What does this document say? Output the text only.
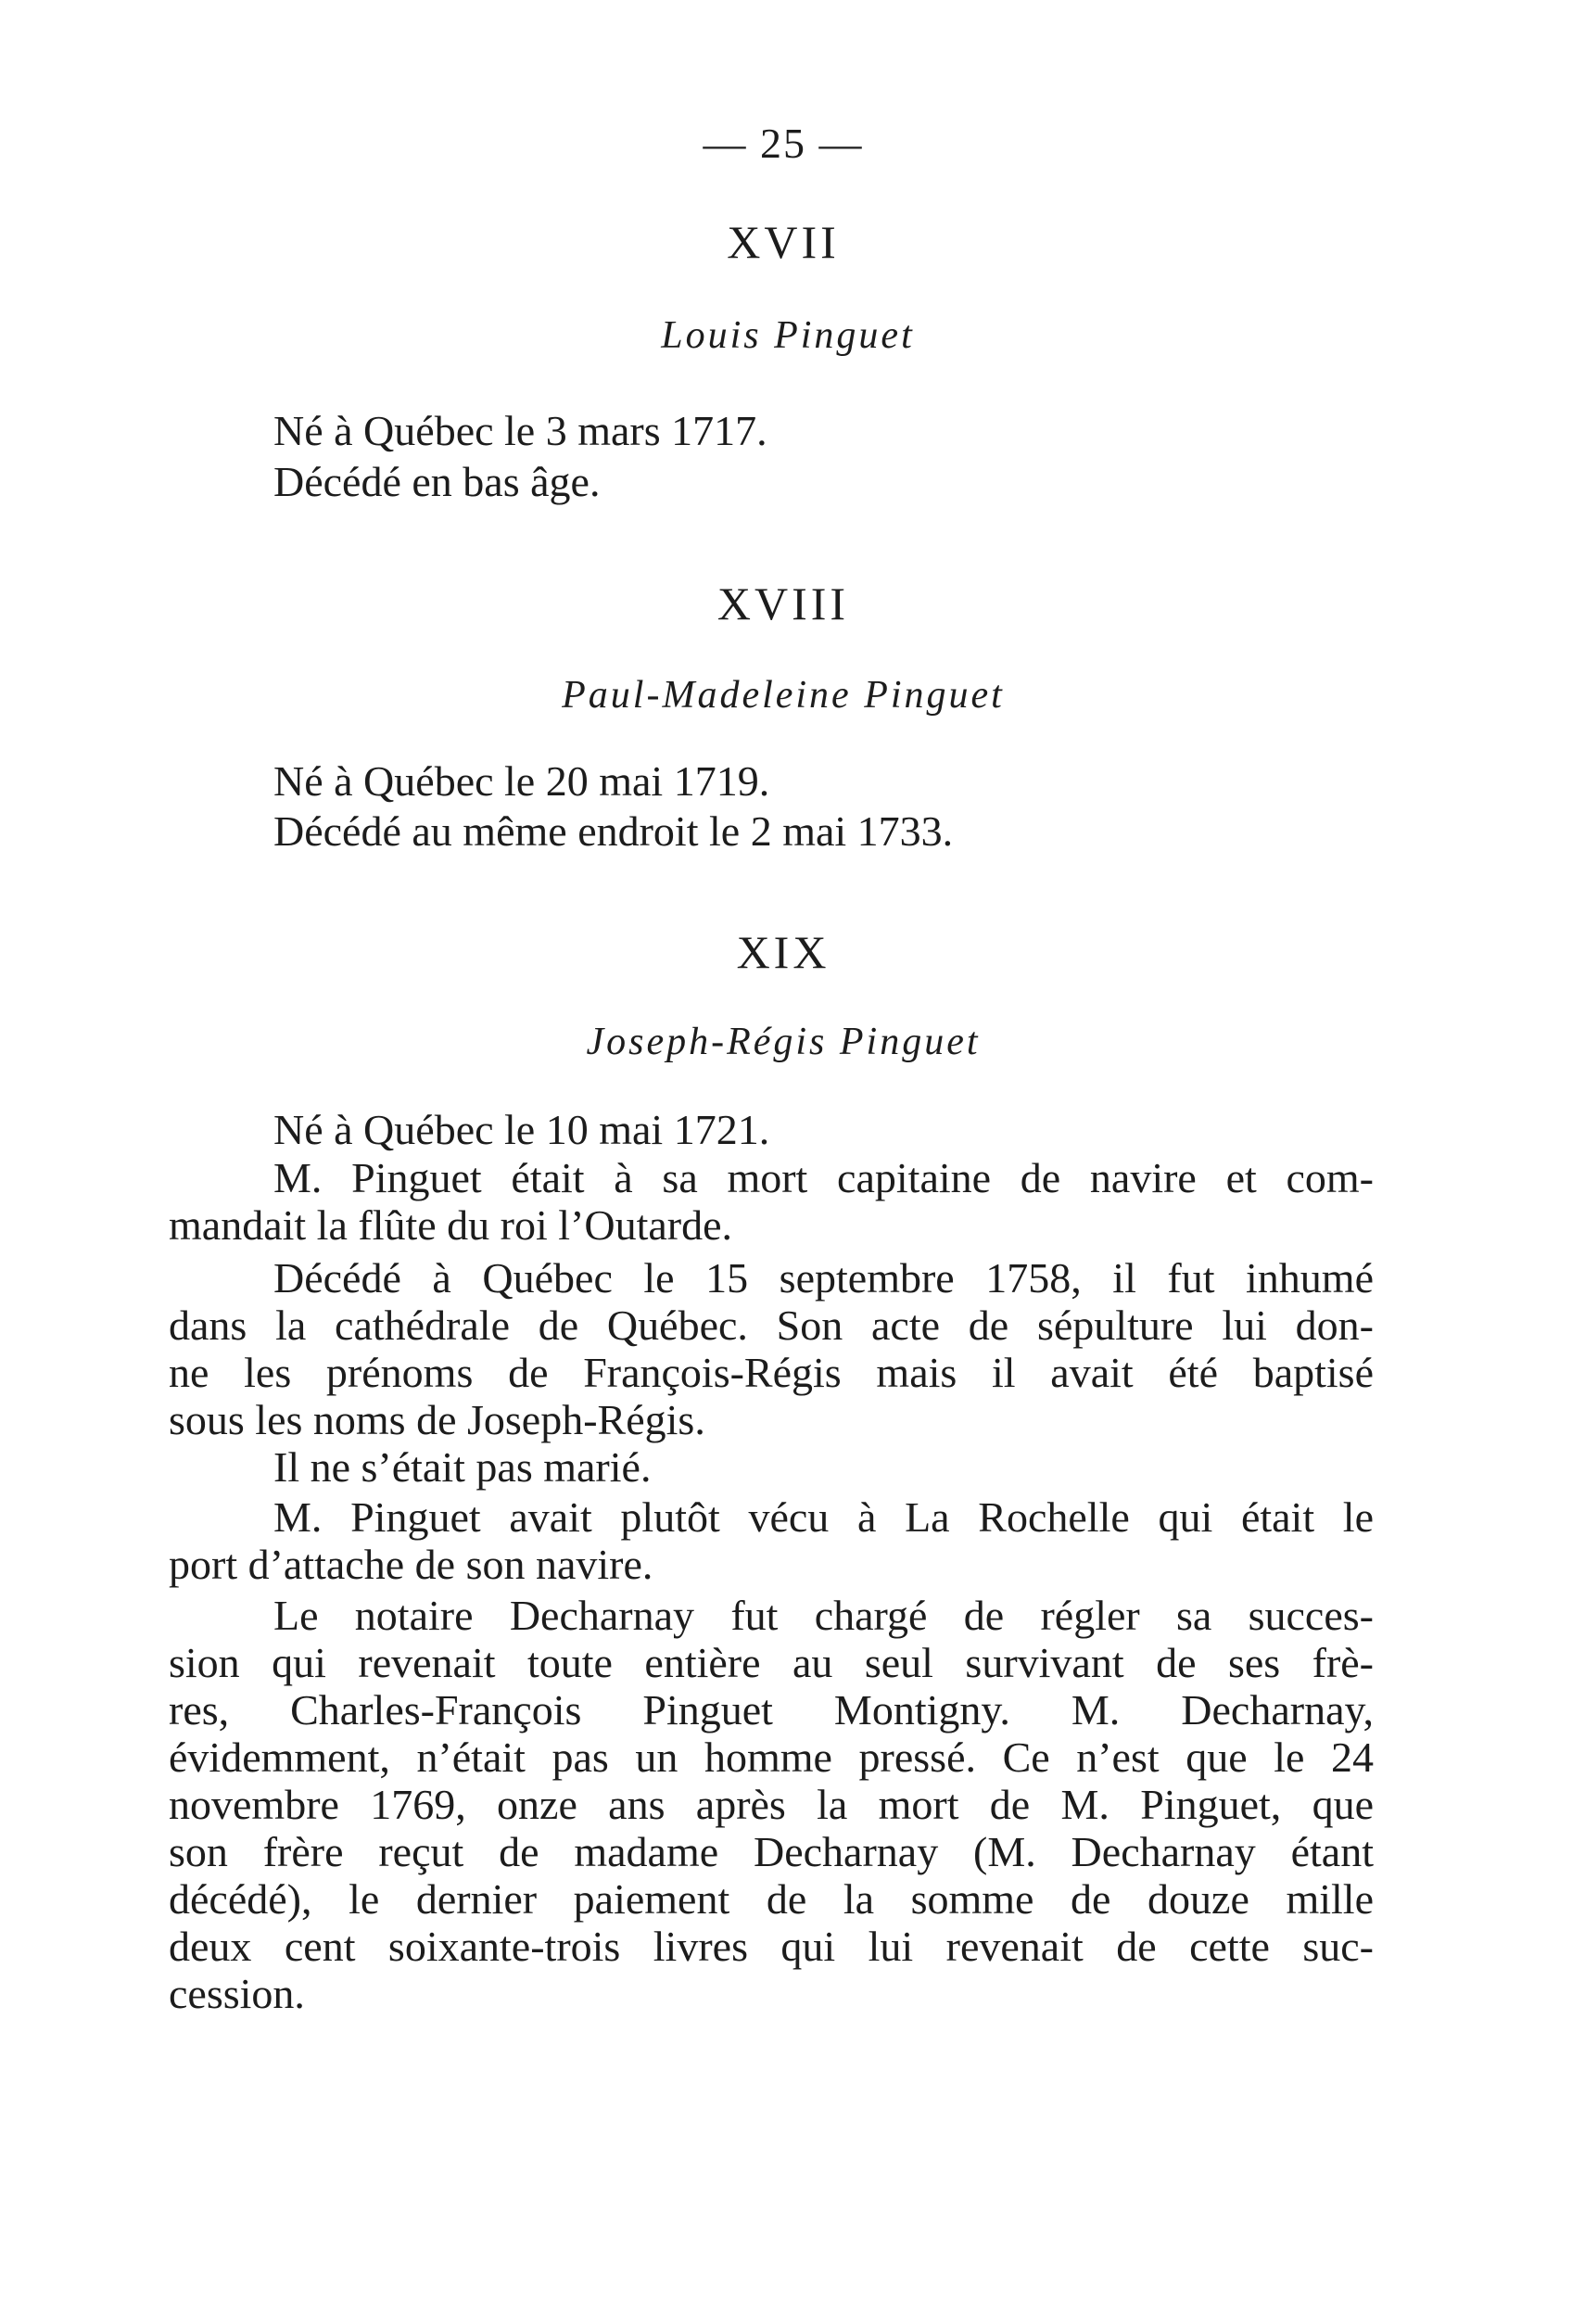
— 25 —
XVII
Louis Pinguet
Né à Québec le 3 mars 1717.
Décédé en bas âge.
XVIII
Paul-Madeleine Pinguet
Né à Québec le 20 mai 1719.
Décédé au même endroit le 2 mai 1733.
XIX
Joseph-Régis Pinguet
Né à Québec le 10 mai 1721.
M. Pinguet était à sa mort capitaine de navire et com-
mandait la flûte du roi l’Outarde.
Décédé à Québec le 15 septembre 1758, il fut inhumé
dans la cathédrale de Québec. Son acte de sépulture lui don-
ne les prénoms de François-Régis mais il avait été baptisé
sous les noms de Joseph-Régis.
Il ne s’était pas marié.
M. Pinguet avait plutôt vécu à La Rochelle qui était le
port d’attache de son navire.
Le notaire Decharnay fut chargé de régler sa succes-
sion qui revenait toute entière au seul survivant de ses frè-
res, Charles-François Pinguet Montigny. M. Decharnay,
évidemment, n’était pas un homme pressé. Ce n’est que le 24
novembre 1769, onze ans après la mort de M. Pinguet, que
son frère reçut de madame Decharnay (M. Decharnay étant
décédé), le dernier paiement de la somme de douze mille
deux cent soixante-trois livres qui lui revenait de cette suc-
cession.
